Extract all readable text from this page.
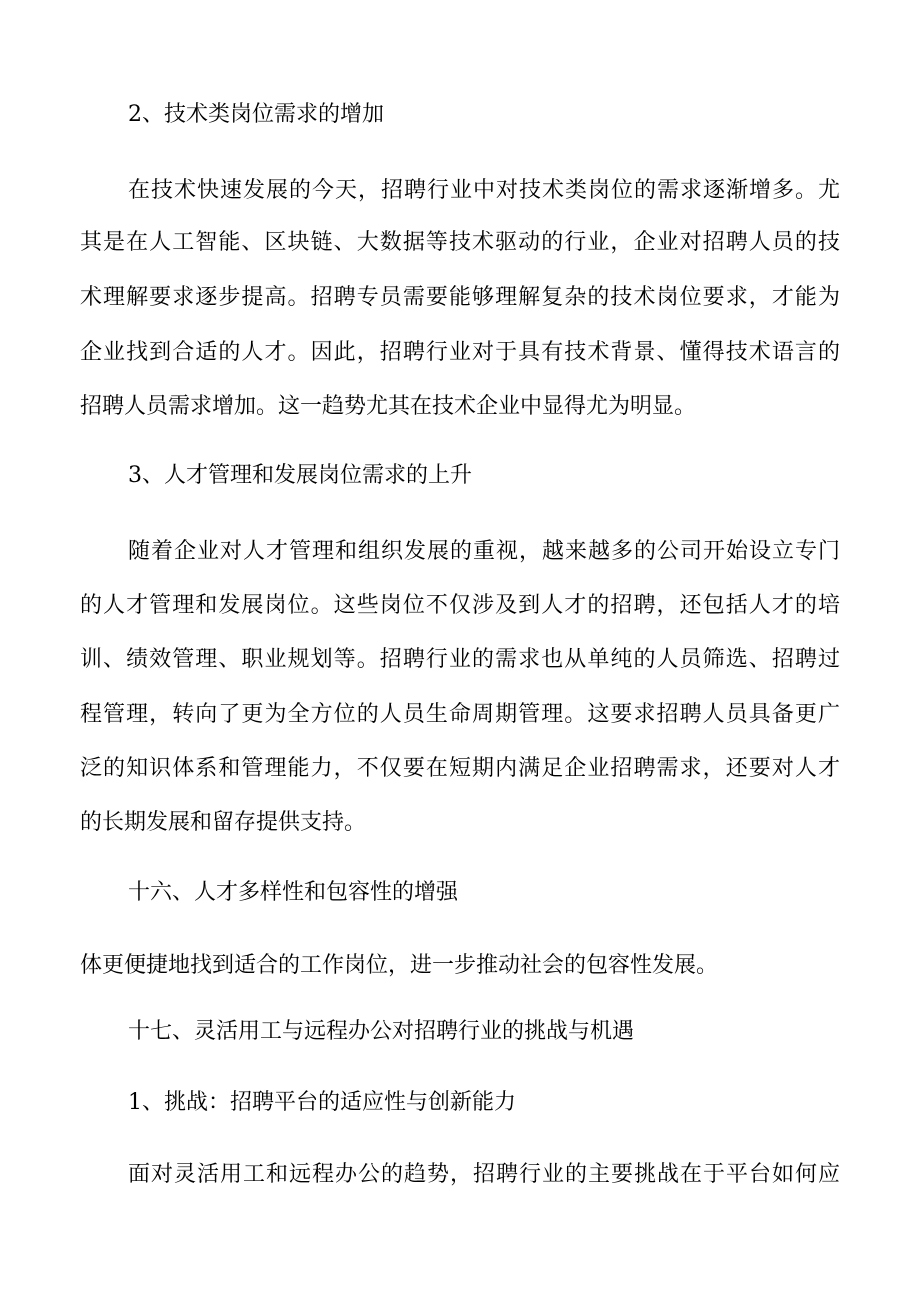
2、技术类岗位需求的增加
在技术快速发展的今天，招聘行业中对技术类岗位的需求逐渐增多。尤
其是在人工智能、区块链、大数据等技术驱动的行业，企业对招聘人员的技
术理解要求逐步提高。招聘专员需要能够理解复杂的技术岗位要求，才能为
企业找到合适的人才。因此，招聘行业对于具有技术背景、懂得技术语言的
招聘人员需求增加。这一趋势尤其在技术企业中显得尤为明显。
3、人才管理和发展岗位需求的上升
随着企业对人才管理和组织发展的重视，越来越多的公司开始设立专门
的人才管理和发展岗位。这些岗位不仅涉及到人才的招聘，还包括人才的培
训、绩效管理、职业规划等。招聘行业的需求也从单纯的人员筛选、招聘过
程管理，转向了更为全方位的人员生命周期管理。这要求招聘人员具备更广
泛的知识体系和管理能力，不仅要在短期内满足企业招聘需求，还要对人才
的长期发展和留存提供支持。
十六、人才多样性和包容性的增强
体更便捷地找到适合的工作岗位，进一步推动社会的包容性发展。
十七、灵活用工与远程办公对招聘行业的挑战与机遇
1、挑战：招聘平台的适应性与创新能力
面对灵活用工和远程办公的趋势，招聘行业的主要挑战在于平台如何应
